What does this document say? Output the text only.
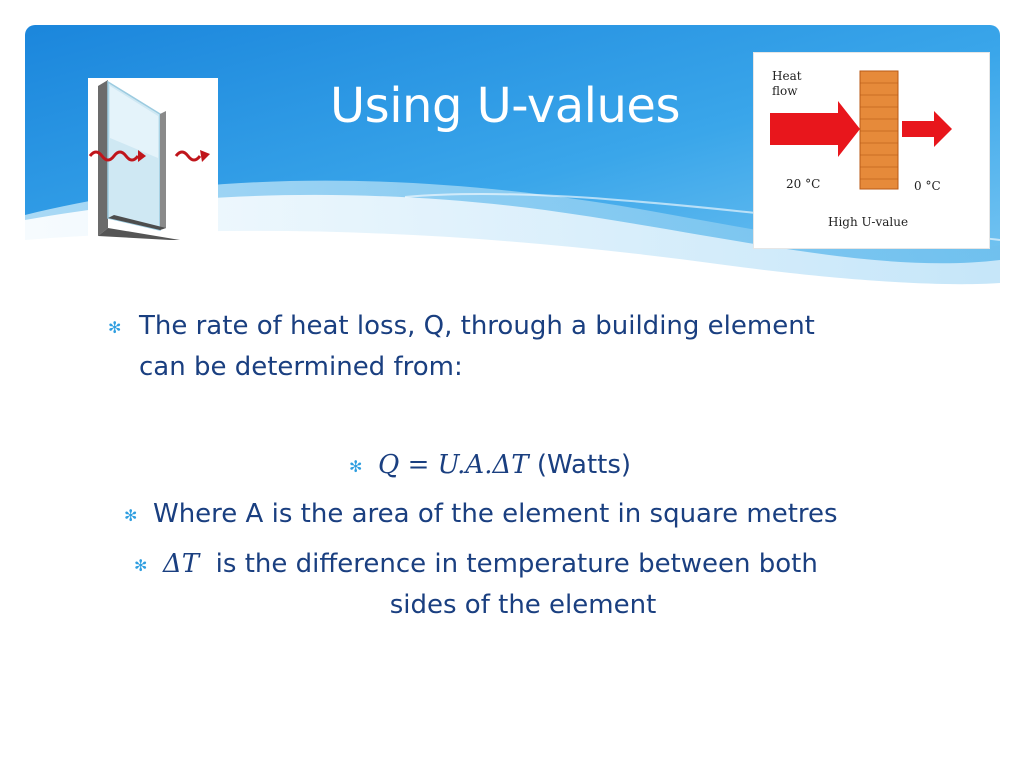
Using U-values
Heat
flow
20 °C	0 °C
High U-value
✻ The rate of heat loss, Q, through a building element
can be determined from:
✻ Q = U.A.ΔT (Watts)
✻ Where A is the area of the element in square metres
✻ ΔT  is the difference in temperature between both
sides of the element
